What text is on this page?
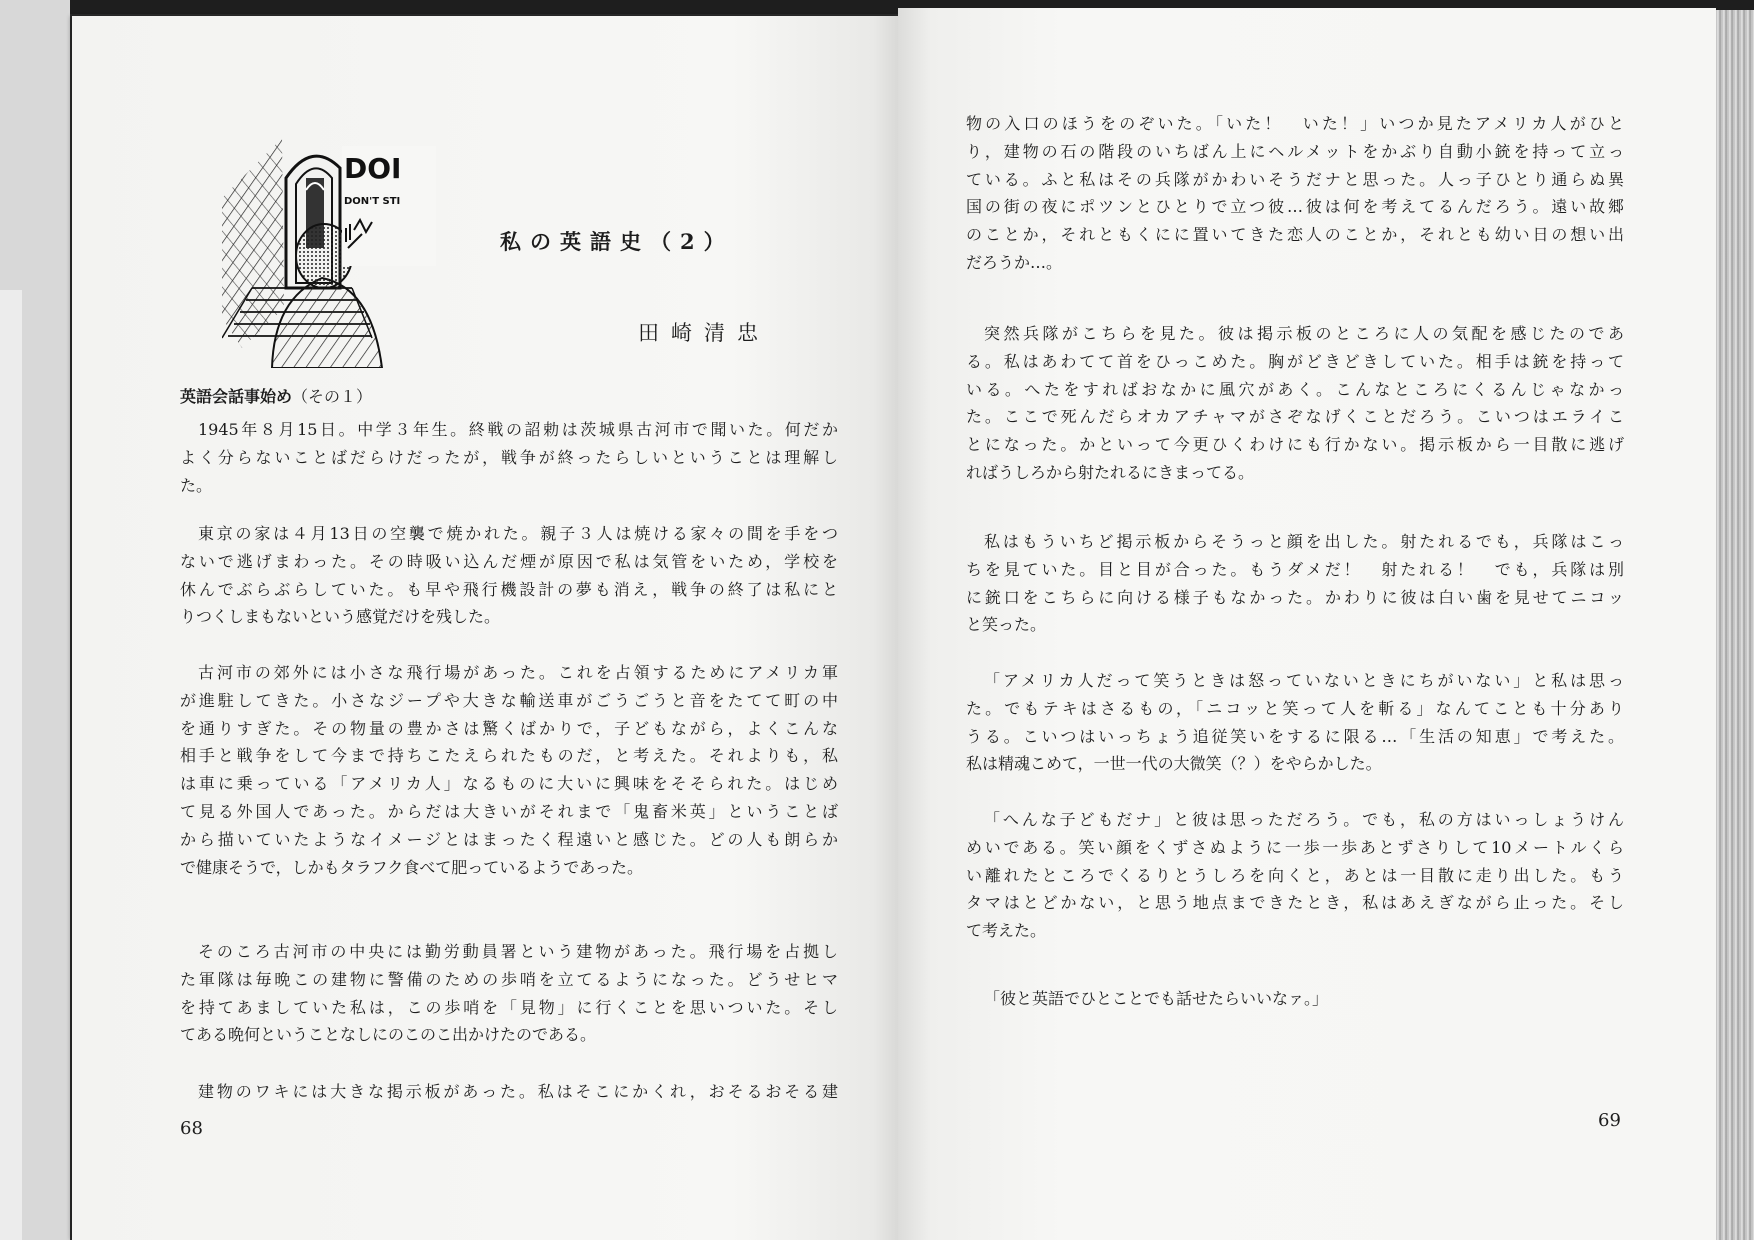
DOI
DON'T STI
私の英語史（2）
田崎清忠
英語会話事始め（その１）
1945年８月15日。中学３年生。終戦の詔勅は茨城県古河市で聞いた。何だか
よく分らないことばだらけだったが，戦争が終ったらしいということは理解し
た。
東京の家は４月13日の空襲で焼かれた。親子３人は焼ける家々の間を手をつ
ないで逃げまわった。その時吸い込んだ煙が原因で私は気管をいため，学校を
休んでぶらぶらしていた。も早や飛行機設計の夢も消え，戦争の終了は私にと
りつくしまもないという感覚だけを残した。
古河市の郊外には小さな飛行場があった。これを占領するためにアメリカ軍
が進駐してきた。小さなジープや大きな輸送車がごうごうと音をたてて町の中
を通りすぎた。その物量の豊かさは驚くばかりで，子どもながら，よくこんな
相手と戦争をして今まで持ちこたえられたものだ，と考えた。それよりも，私
は車に乗っている「アメリカ人」なるものに大いに興味をそそられた。はじめ
て見る外国人であった。からだは大きいがそれまで「鬼畜米英」ということば
から描いていたようなイメージとはまったく程遠いと感じた。どの人も朗らか
で健康そうで，しかもタラフク食べて肥っているようであった。
そのころ古河市の中央には勤労動員署という建物があった。飛行場を占拠し
た軍隊は毎晩この建物に警備のための歩哨を立てるようになった。どうせヒマ
を持てあましていた私は，この歩哨を「見物」に行くことを思いついた。そし
てある晩何ということなしにのこのこ出かけたのである。
建物のワキには大きな掲示板があった。私はそこにかくれ，おそるおそる建
68
物の入口のほうをのぞいた。「いた！　いた！」いつか見たアメリカ人がひと
り，建物の石の階段のいちばん上にヘルメットをかぶり自動小銃を持って立っ
ている。ふと私はその兵隊がかわいそうだナと思った。人っ子ひとり通らぬ異
国の街の夜にポツンとひとりで立つ彼…彼は何を考えてるんだろう。遠い故郷
のことか，それともくにに置いてきた恋人のことか，それとも幼い日の想い出
だろうか…。
突然兵隊がこちらを見た。彼は掲示板のところに人の気配を感じたのであ
る。私はあわてて首をひっこめた。胸がどきどきしていた。相手は銃を持って
いる。へたをすればおなかに風穴があく。こんなところにくるんじゃなかっ
た。ここで死んだらオカアチャマがさぞなげくことだろう。こいつはエライこ
とになった。かといって今更ひくわけにも行かない。掲示板から一目散に逃げ
ればうしろから射たれるにきまってる。
私はもういちど掲示板からそうっと顔を出した。射たれるでも，兵隊はこっ
ちを見ていた。目と目が合った。もうダメだ！　射たれる！　でも，兵隊は別
に銃口をこちらに向ける様子もなかった。かわりに彼は白い歯を見せてニコッ
と笑った。
「アメリカ人だって笑うときは怒っていないときにちがいない」と私は思っ
た。でもテキはさるもの，「ニコッと笑って人を斬る」なんてことも十分あり
うる。こいつはいっちょう追従笑いをするに限る…「生活の知恵」で考えた。
私は精魂こめて，一世一代の大微笑（？）をやらかした。
「へんな子どもだナ」と彼は思っただろう。でも，私の方はいっしょうけん
めいである。笑い顔をくずさぬように一歩一歩あとずさりして10メートルくら
い離れたところでくるりとうしろを向くと，あとは一目散に走り出した。もう
タマはとどかない，と思う地点まできたとき，私はあえぎながら止った。そし
て考えた。
「彼と英語でひとことでも話せたらいいなァ。」
69
